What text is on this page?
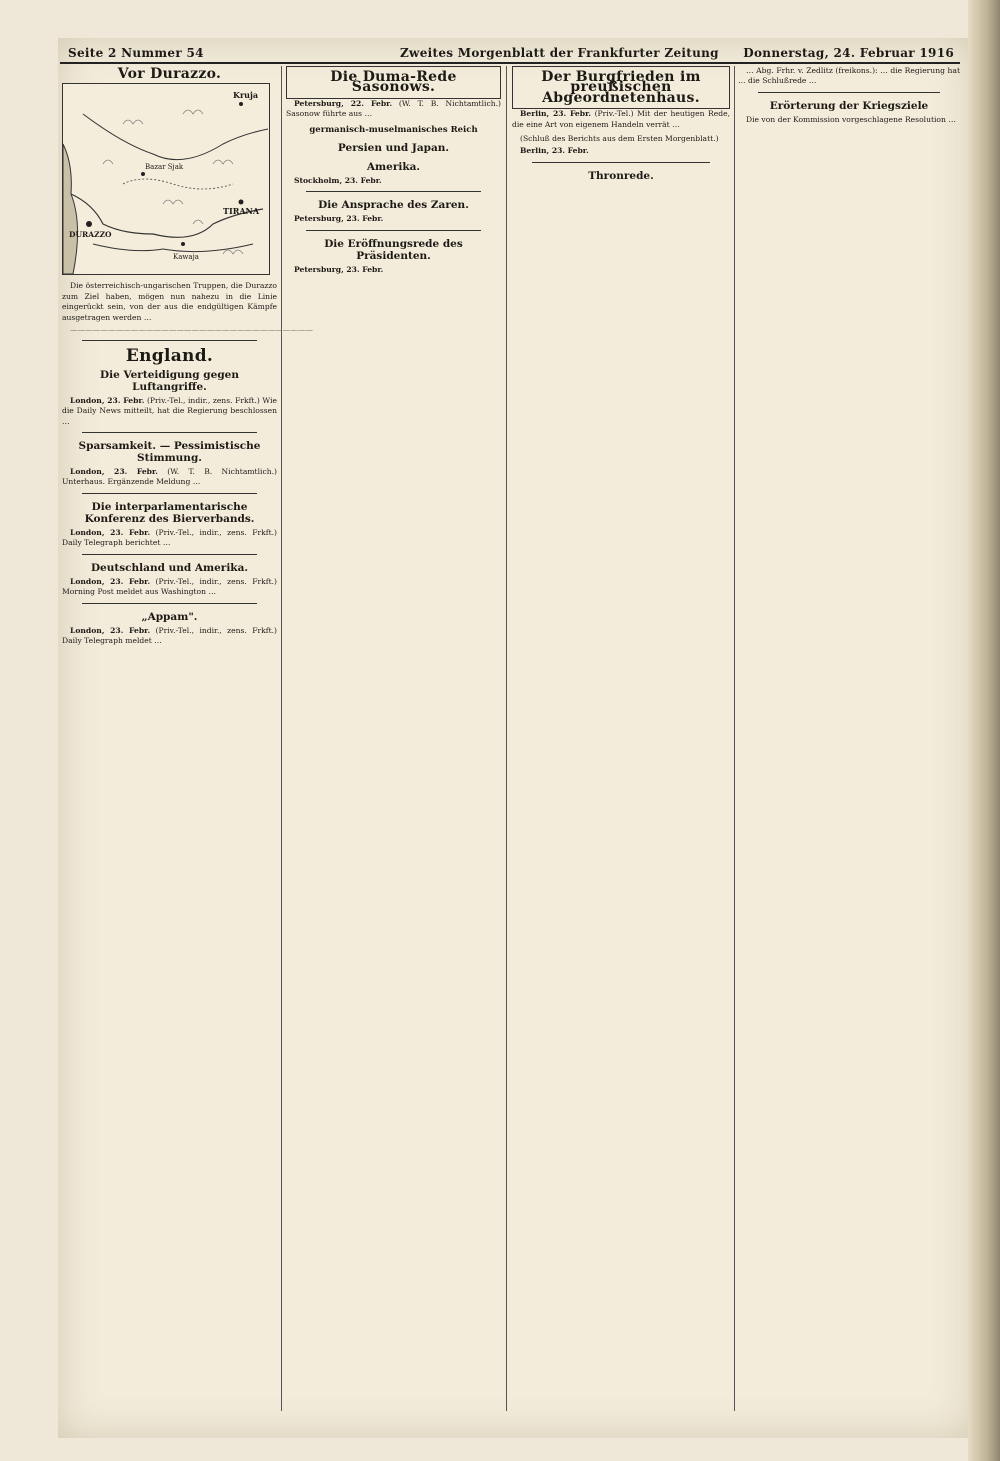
Seite 2 Nummer 54	Zweites Morgenblatt der Frankfurter Zeitung Donnerstag, 24. Februar 1916
Vor Durazzo.
Kruja
Bazar Sjak
TIRANA
DURAZZO
Kawaja

Die österreichisch-ungarischen Truppen, die Durazzo zum Ziel haben, mögen nun nahezu in die Linie eingerückt sein, von der aus die endgültigen Kämpfe ausgetragen werden …

————————————————————————————————

England.
Die Verteidigung gegen Luftangriffe.

London, 23. Febr. (Priv.-Tel., indir., zens. Frkft.) Wie die Daily News mitteilt, hat die Regierung beschlossen …

Sparsamkeit. — Pessimistische Stimmung.

London, 23. Febr. (W. T. B. Nichtamtlich.) Unterhaus. Ergänzende Meldung …

Die interparlamentarische Konferenz des Bierverbands.

London, 23. Febr. (Priv.-Tel., indir., zens. Frkft.) Daily Telegraph berichtet …

Deutschland und Amerika.

London, 23. Febr. (Priv.-Tel., indir., zens. Frkft.) Morning Post meldet aus Washington …

„Appam".

London, 23. Febr. (Priv.-Tel., indir., zens. Frkft.) Daily Telegraph meldet …

Die Duma-Rede Sasonows.

Petersburg, 22. Febr. (W. T. B. Nichtamtlich.) Sasonow führte aus …

germanisch-muselmanisches Reich
Persien und Japan.
Amerika.

Stockholm, 23. Febr.

Die Ansprache des Zaren.

Petersburg, 23. Febr.

Die Eröffnungsrede des Präsidenten.

Petersburg, 23. Febr.

Der Burgfrieden im preußischen Abgeordnetenhaus.

Berlin, 23. Febr. (Priv.-Tel.) Mit der heutigen Rede, die eine Art von eigenem Handeln verrät …

(Schluß des Berichts aus dem Ersten Morgenblatt.)

Berlin, 23. Febr.

Thronrede.

… Abg. Frhr. v. Zedlitz (freikons.): … die Regierung hat … die Schlußrede …

Erörterung der Kriegsziele

Die von der Kommission vorgeschlagene Resolution …
